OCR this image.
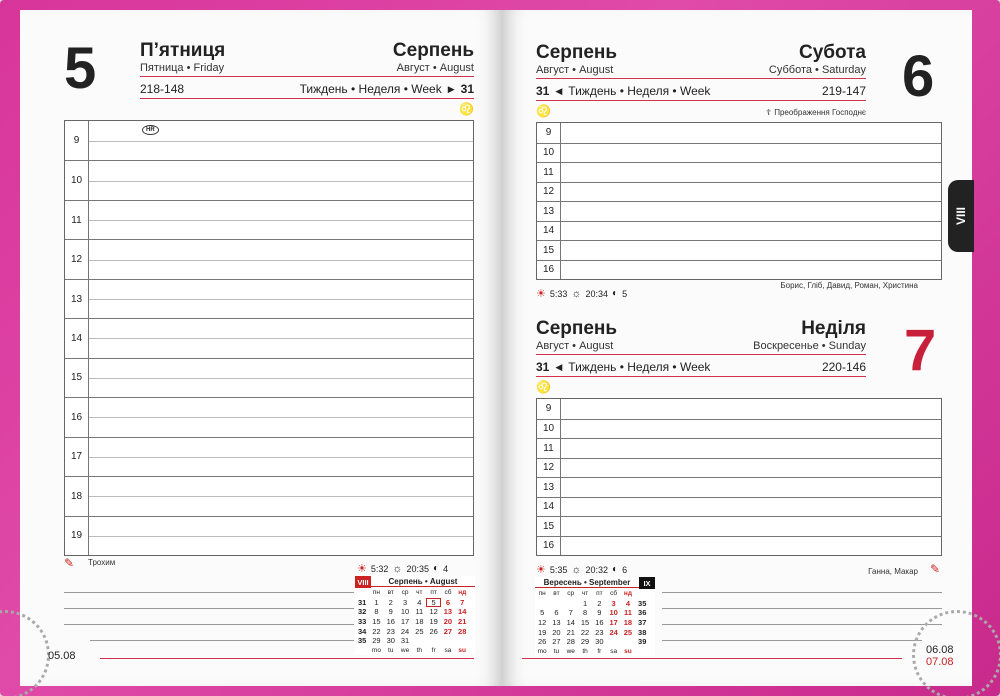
5 П’ятниця
Пятница • Friday
Серпень
Август • August
218-148	Тиждень • Неделя • Week ▶ 31
♌
HR
9
10
11
12
13
14
15
16
17
18
19
✎ Трохим
☀ 5:32 ☼ 20:35 ◐ 4
VIII	Серпень • August
	пн	вт	ср	чт	пт	сб	нд
31	1	2	3	4	5	6	7
32	8	9	10	11	12	13	14
33	15	16	17	18	19	20	21
34	22	23	24	25	26	27	28
35	29	30	31				
	mo	tu	we	th	fr	sa	su
05.08
Серпень
Август • August
Субота
Суббота • Saturday 6
31 ◀ Тиждень • Неделя • Week	219-147
♌	☦ Преображення Господнє
9
10
11
12
13
14
15
16
Борис, Гліб, Давид, Роман, Христина
☀ 5:33 ☼ 20:34 ◐ 5
Серпень
Август • August
Неділя
Воскресенье • Sunday 7
31 ◀ Тиждень • Неделя • Week	220-146
♌
9
10
11
12
13
14
15
16
Ганна, Макар ✎
☀ 5:35 ☼ 20:32 ◐ 6
Вересень • September	IX
пн	вт	ср	чт	пт	сб	нд	
			1	2	3	4	35
5	6	7	8	9	10	11	36
12	13	14	15	16	17	18	37
19	20	21	22	23	24	25	38
26	27	28	29	30			39
mo	tu	we	th	fr	sa	su		06.08
07.08
VIII
